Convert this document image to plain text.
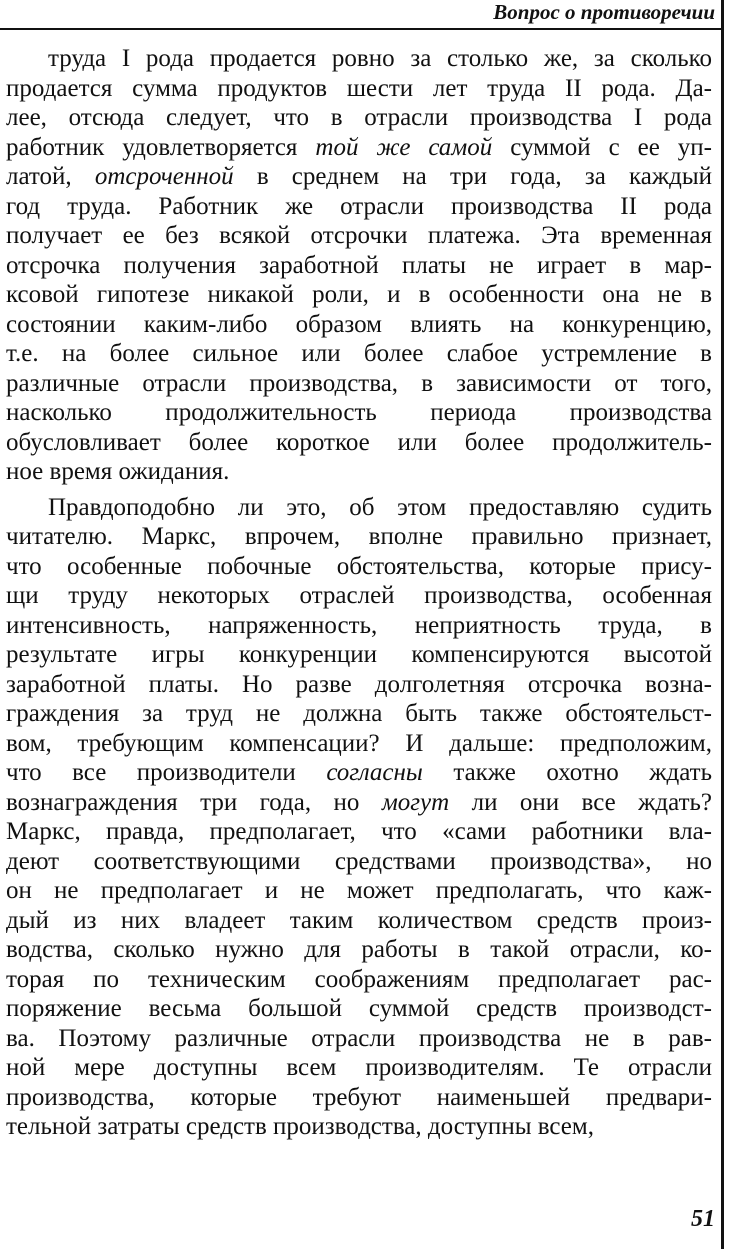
Вопрос о противоречии
труда I рода продается ровно за столько же, за сколько
продается сумма продуктов шести лет труда II рода. Да-
лее, отсюда следует, что в отрасли производства I рода
работник удовлетворяется той же самой суммой с ее уп-
латой, отсроченной в среднем на три года, за каждый
год труда. Работник же отрасли производства II рода
получает ее без всякой отсрочки платежа. Эта временная
отсрочка получения заработной платы не играет в мар-
ксовой гипотезе никакой роли, и в особенности она не в
состоянии каким-либо образом влиять на конкуренцию,
т.е. на более сильное или более слабое устремление в
различные отрасли производства, в зависимости от того,
насколько продолжительность периода производства
обусловливает более короткое или более продолжитель-
ное время ожидания.
Правдоподобно ли это, об этом предоставляю судить
читателю. Маркс, впрочем, вполне правильно признает,
что особенные побочные обстоятельства, которые прису-
щи труду некоторых отраслей производства, особенная
интенсивность, напряженность, неприятность труда, в
результате игры конкуренции компенсируются высотой
заработной платы. Но разве долголетняя отсрочка возна-
граждения за труд не должна быть также обстоятельст-
вом, требующим компенсации? И дальше: предположим,
что все производители согласны также охотно ждать
вознаграждения три года, но могут ли они все ждать?
Маркс, правда, предполагает, что «сами работники вла-
деют соответствующими средствами производства», но
он не предполагает и не может предполагать, что каж-
дый из них владеет таким количеством средств произ-
водства, сколько нужно для работы в такой отрасли, ко-
торая по техническим соображениям предполагает рас-
поряжение весьма большой суммой средств производст-
ва. Поэтому различные отрасли производства не в рав-
ной мере доступны всем производителям. Те отрасли
производства, которые требуют наименьшей предвари-
тельной затраты средств производства, доступны всем,
51
